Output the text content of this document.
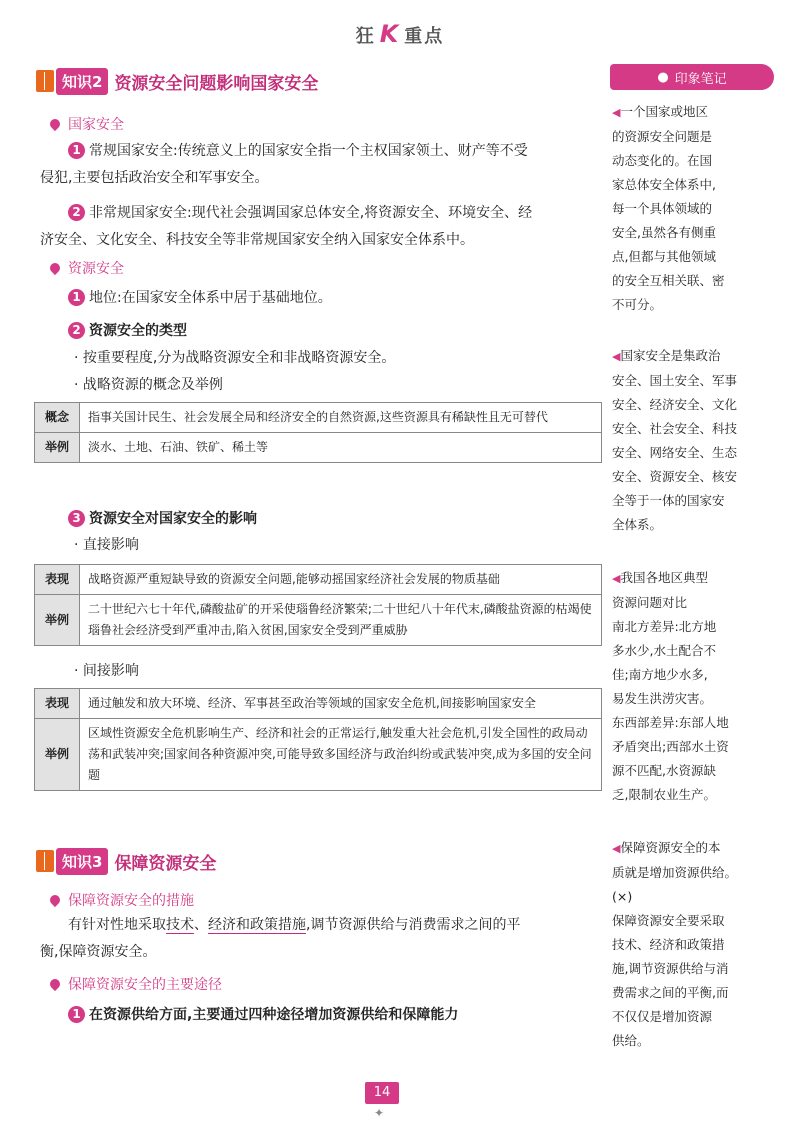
狂 K 重点
知识2 资源安全问题影响国家安全
国家安全
1 常规国家安全:传统意义上的国家安全指一个主权国家领土、财产等不受
侵犯,主要包括政治安全和军事安全。
2 非常规国家安全:现代社会强调国家总体安全,将资源安全、环境安全、经
济安全、文化安全、科技安全等非常规国家安全纳入国家安全体系中。
资源安全
1 地位:在国家安全体系中居于基础地位。
2 资源安全的类型
· 按重要程度,分为战略资源安全和非战略资源安全。
· 战略资源的概念及举例
概念	指事关国计民生、社会发展全局和经济安全的自然资源,这些资源具有稀缺性且无可替代
举例	淡水、土地、石油、铁矿、稀土等
3 资源安全对国家安全的影响
· 直接影响
表现	战略资源严重短缺导致的资源安全问题,能够动摇国家经济社会发展的物质基础
举例	二十世纪六七十年代,磷酸盐矿的开采使瑙鲁经济繁荣;二十世纪八十年代末,磷酸盐资源的枯竭使瑙鲁社会经济受到严重冲击,陷入贫困,国家安全受到严重威胁
· 间接影响
表现	通过触发和放大环境、经济、军事甚至政治等领域的国家安全危机,间接影响国家安全
举例	区域性资源安全危机影响生产、经济和社会的正常运行,触发重大社会危机,引发全国性的政局动荡和武装冲突;国家间各种资源冲突,可能导致多国经济与政治纠纷或武装冲突,成为多国的安全问题
知识3 保障资源安全
保障资源安全的措施
有针对性地采取技术、经济和政策措施,调节资源供给与消费需求之间的平
衡,保障资源安全。
保障资源安全的主要途径
1 在资源供给方面,主要通过四种途径增加资源供给和保障能力
● 印象笔记
◀一个国家或地区
的资源安全问题是
动态变化的。在国
家总体安全体系中,
每一个具体领域的
安全,虽然各有侧重
点,但都与其他领域
的安全互相关联、密
不可分。
◀国家安全是集政治
安全、国土安全、军事
安全、经济安全、文化
安全、社会安全、科技
安全、网络安全、生态
安全、资源安全、核安
全等于一体的国家安
全体系。
◀我国各地区典型
资源问题对比
南北方差异:北方地
多水少,水土配合不
佳;南方地少水多,
易发生洪涝灾害。
东西部差异:东部人地
矛盾突出;西部水土资
源不匹配,水资源缺
乏,限制农业生产。
◀保障资源安全的本
质就是增加资源供给。
(×)
保障资源安全要采取
技术、经济和政策措
施,调节资源供给与消
费需求之间的平衡,而
不仅仅是增加资源
供给。
14
✦
